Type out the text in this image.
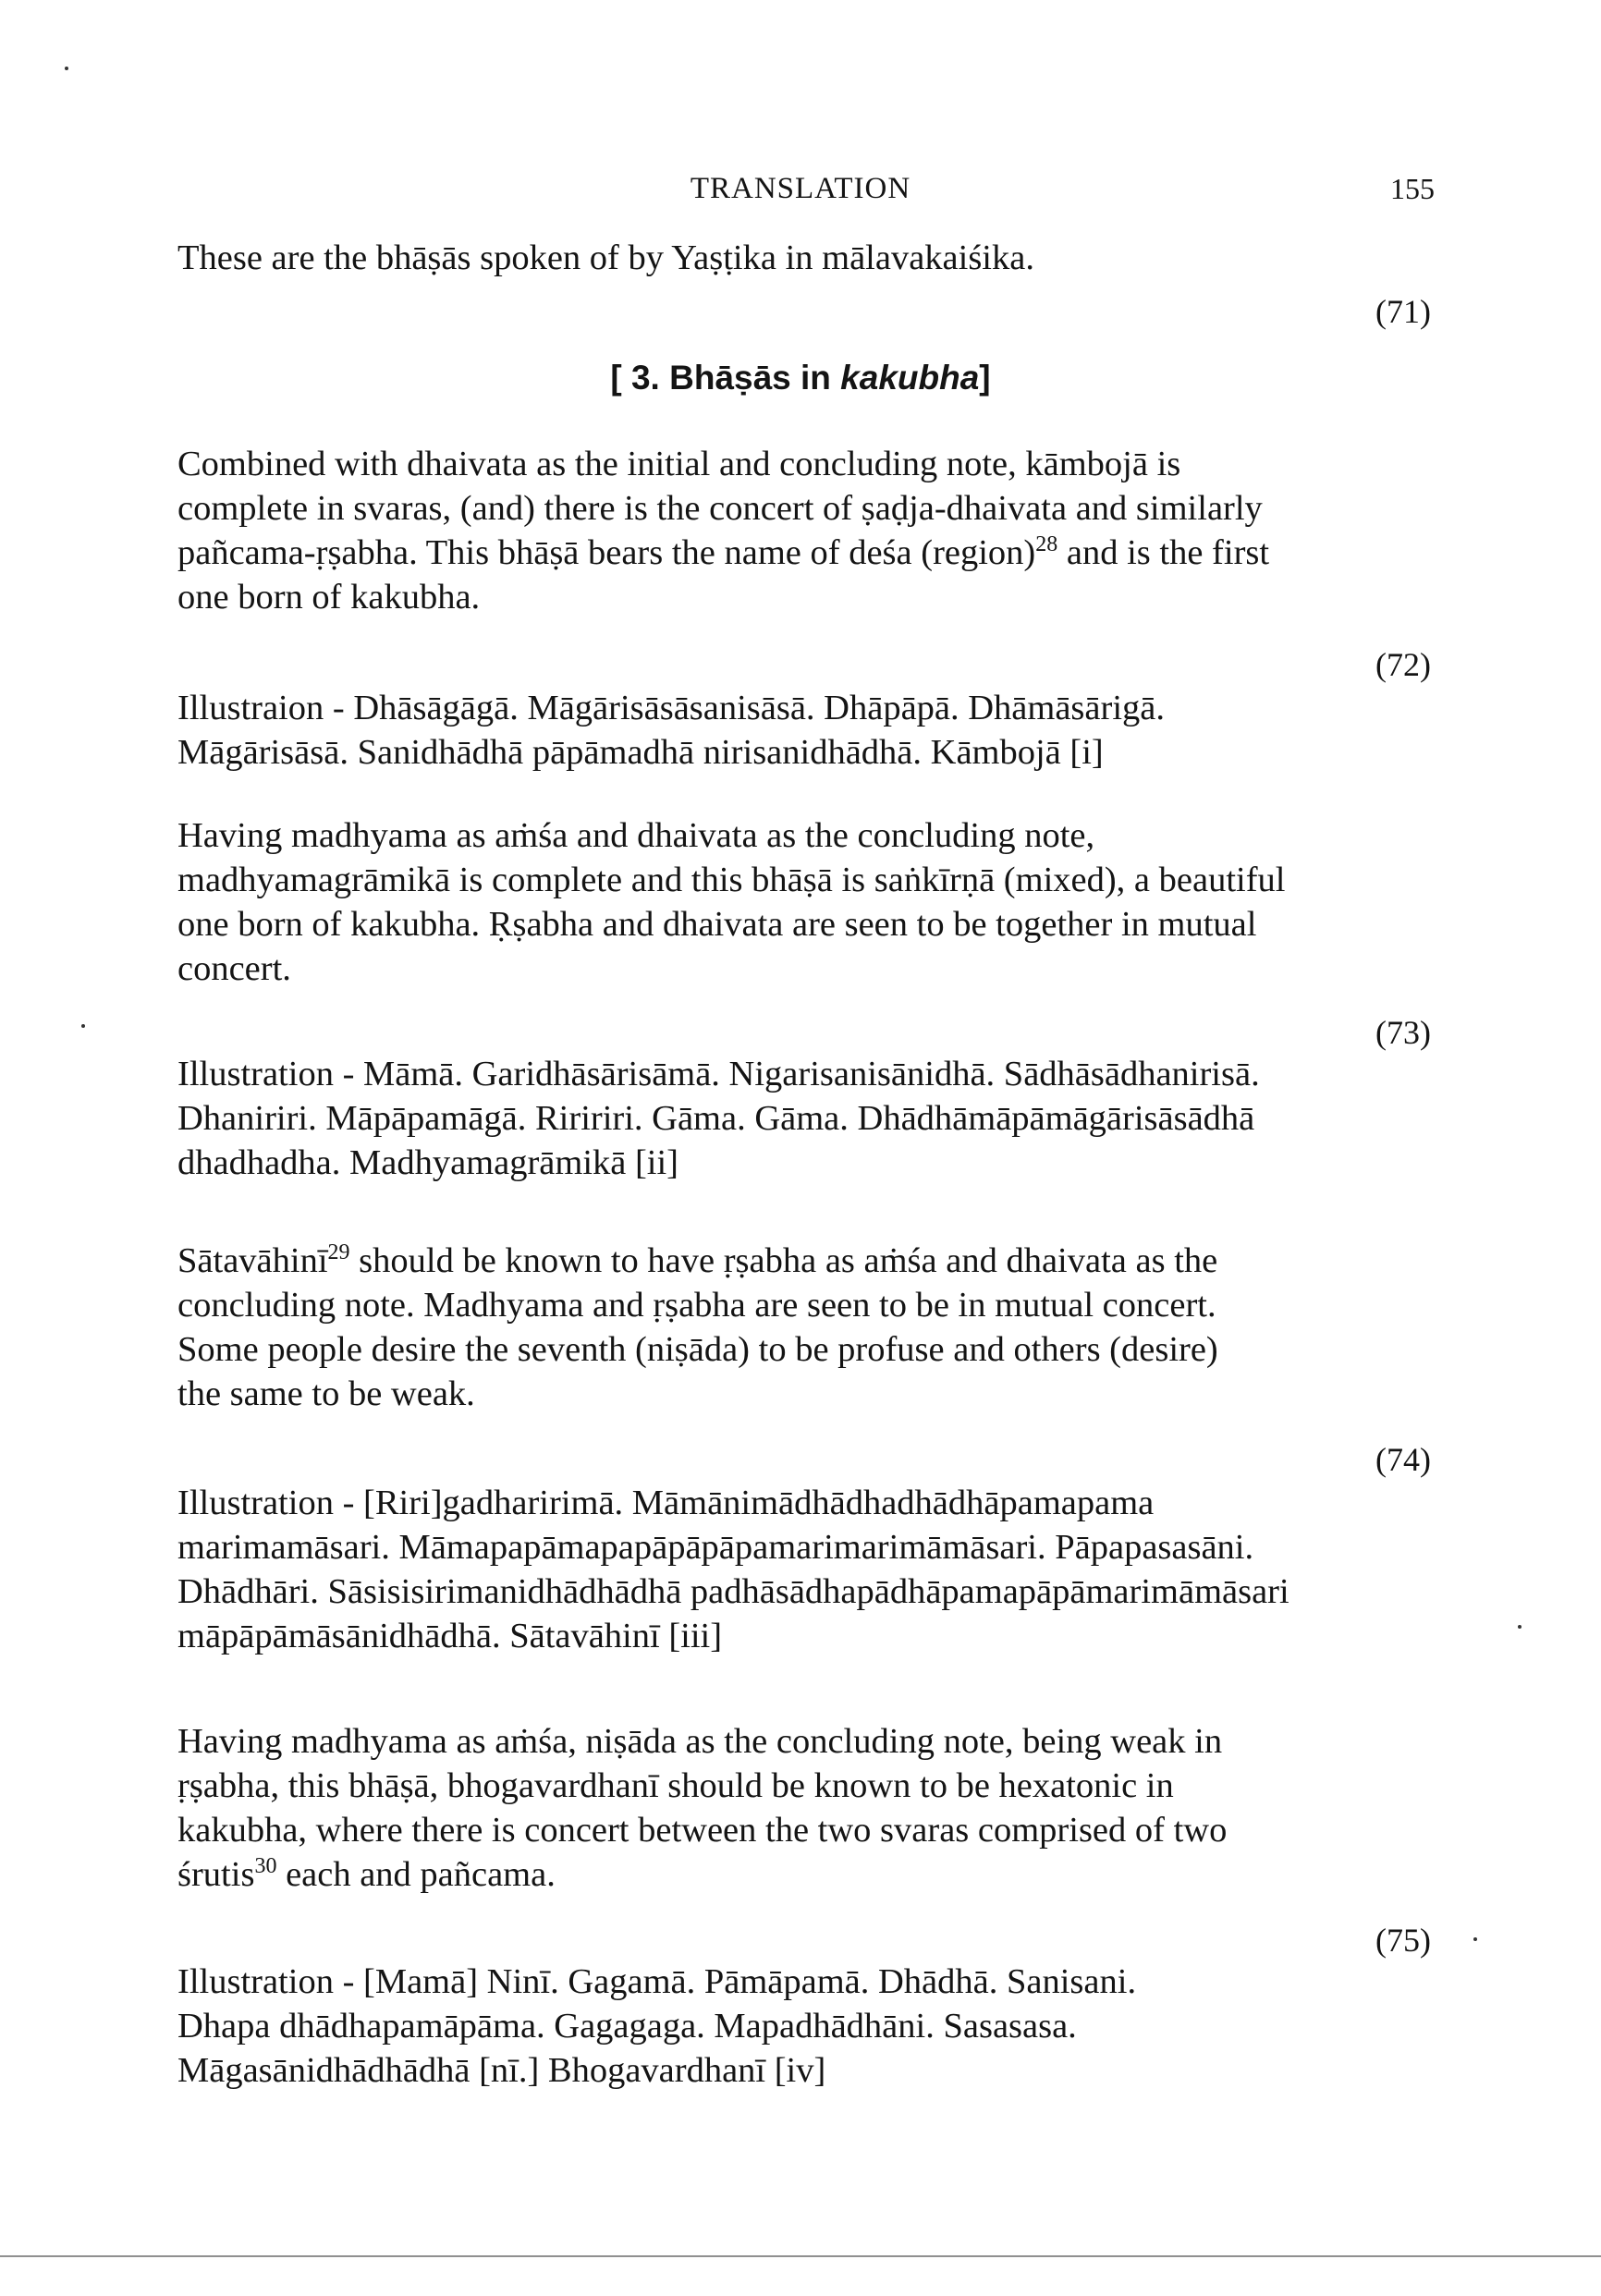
TRANSLATION	155
These are the bhāṣās spoken of by Yaṣṭika in mālavakaiśika.
(71)
[ 3. Bhāṣās in kakubha]
Combined with dhaivata as the initial and concluding note, kāmbojā is
complete in svaras, (and) there is the concert of ṣaḍja-dhaivata and similarly
pañcama-ṛṣabha. This bhāṣā bears the name of deśa (region)$^{28}$ and is the first
one born of kakubha.
(72)
Illustraion - Dhāsāgāgā. Māgārisāsāsanisāsā. Dhāpāpā. Dhāmāsārigā.
Māgārisāsā. Sanidhādhā pāpāmadhā nirisanidhādhā. Kāmbojā [i]
Having madhyama as aṁśa and dhaivata as the concluding note,
madhyamagrāmikā is complete and this bhāṣā is saṅkīrṇā (mixed), a beautiful
one born of kakubha. Ṛṣabha and dhaivata are seen to be together in mutual
concert.
(73)
Illustration - Māmā. Garidhāsārisāmā. Nigarisanisānidhā. Sādhāsādhanirisā.
Dhaniriri. Māpāpamāgā. Riririri. Gāma. Gāma. Dhādhāmāpāmāgārisāsādhā
dhadhadha. Madhyamagrāmikā [ii]
Sātavāhinī$^{29}$ should be known to have ṛṣabha as aṁśa and dhaivata as the
concluding note. Madhyama and ṛṣabha are seen to be in mutual concert.
Some people desire the seventh (niṣāda) to be profuse and others (desire)
the same to be weak.
(74)
Illustration - [Riri]gadharirimā. Māmānimādhādhadhādhāpamapama
marimamāsari. Māmapapāmapapāpāpāpamarimarimāmāsari. Pāpapasasāni.
Dhādhāri. Sāsisisirimanidhādhādhā padhāsādhapādhāpamapāpāmarimāmāsari
māpāpāmāsānidhādhā. Sātavāhinī [iii]
Having madhyama as aṁśa, niṣāda as the concluding note, being weak in
ṛṣabha, this bhāṣā, bhogavardhanī should be known to be hexatonic in
kakubha, where there is concert between the two svaras comprised of two
śrutis$^{30}$ each and pañcama.
(75)
Illustration - [Mamā] Ninī. Gagamā. Pāmāpamā. Dhādhā. Sanisani.
Dhapa dhādhapamāpāma. Gagagaga. Mapadhādhāni. Sasasasa.
Māgasānidhādhādhā [nī.] Bhogavardhanī [iv]
